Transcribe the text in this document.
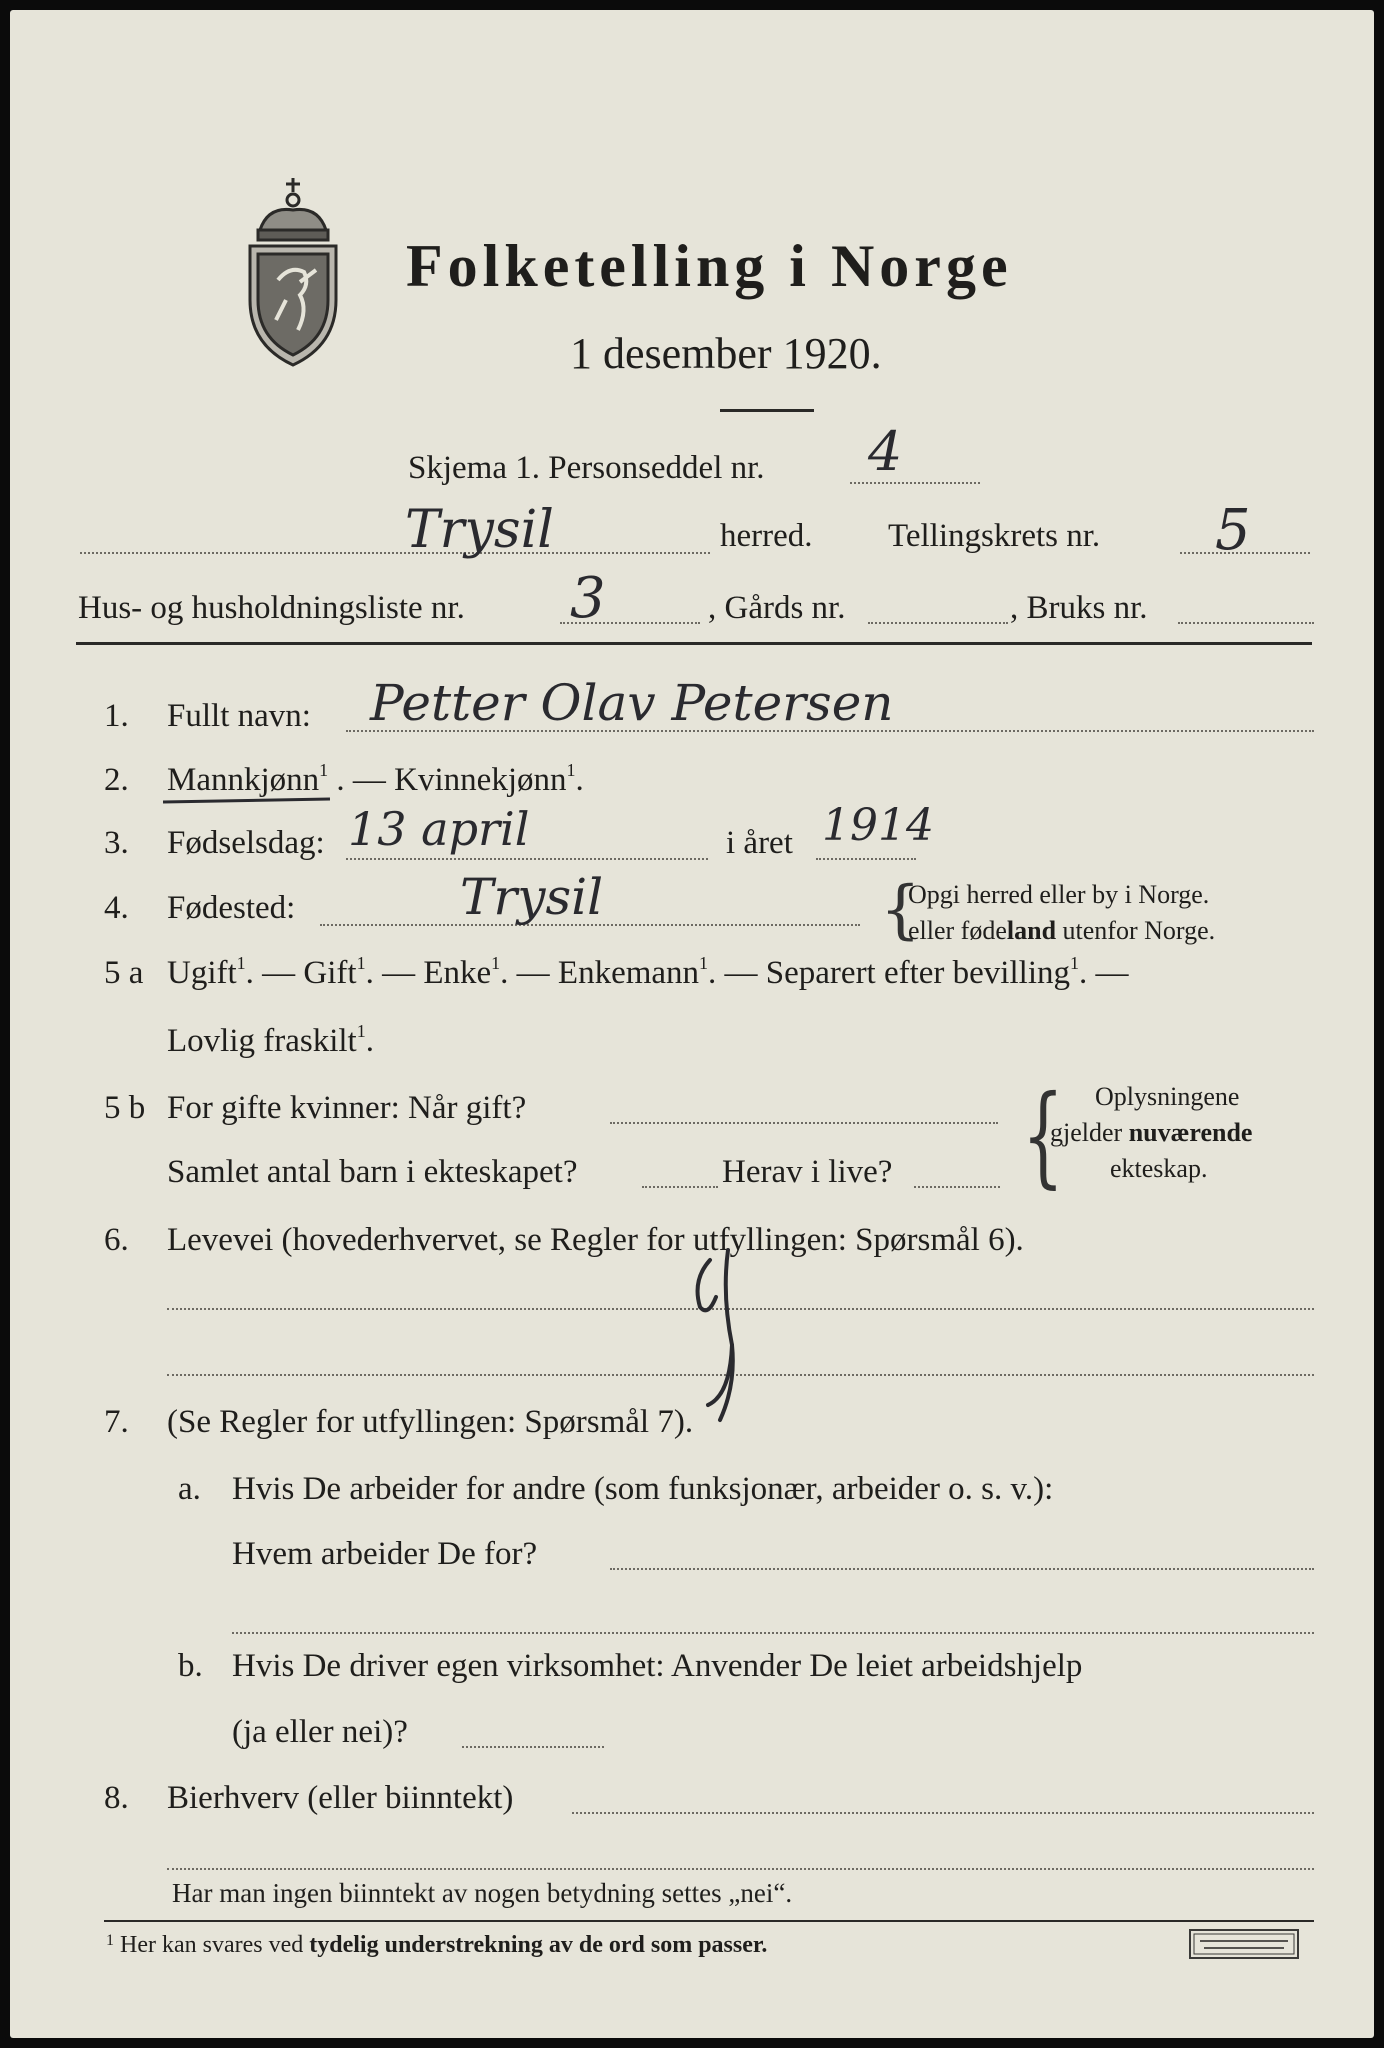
Folketelling i Norge
1 desember 1920.
Skjema 1. Personseddel nr. 4
Trysil	herred. Tellingskrets nr. 5
Hus- og husholdningsliste nr. 3	, Gårds nr.	, Bruks nr.
1. Fullt navn: Petter Olav Petersen
2. Mannkjønn$^1$ . — Kvinnekjønn$^1$.
3. Fødselsdag: 13 april	i året 1914
4. Fødested:	Trysil	{
Opgi herred eller by i Norge.
eller fødeland utenfor Norge.
5 a Ugift$^1$. — Gift$^1$. — Enke$^1$. — Enkemann$^1$. — Separert efter bevilling$^1$. —
Lovlig fraskilt$^1$.
5 b For gifte kvinner: Når gift?
Samlet antal barn i ekteskapet?	Herav i live? { Oplysningene
gjelder nuværende
ekteskap.
6. Levevei (hovederhvervet, se Regler for utfyllingen: Spørsmål 6).
7. (Se Regler for utfyllingen: Spørsmål 7).
a. Hvis De arbeider for andre (som funksjonær, arbeider o. s. v.):
Hvem arbeider De for?
b. Hvis De driver egen virksomhet: Anvender De leiet arbeidshjelp
(ja eller nei)?
8. Bierhverv (eller biinntekt)
Har man ingen biinntekt av nogen betydning settes „nei“.
$^1$ Her kan svares ved tydelig understrekning av de ord som passer.
